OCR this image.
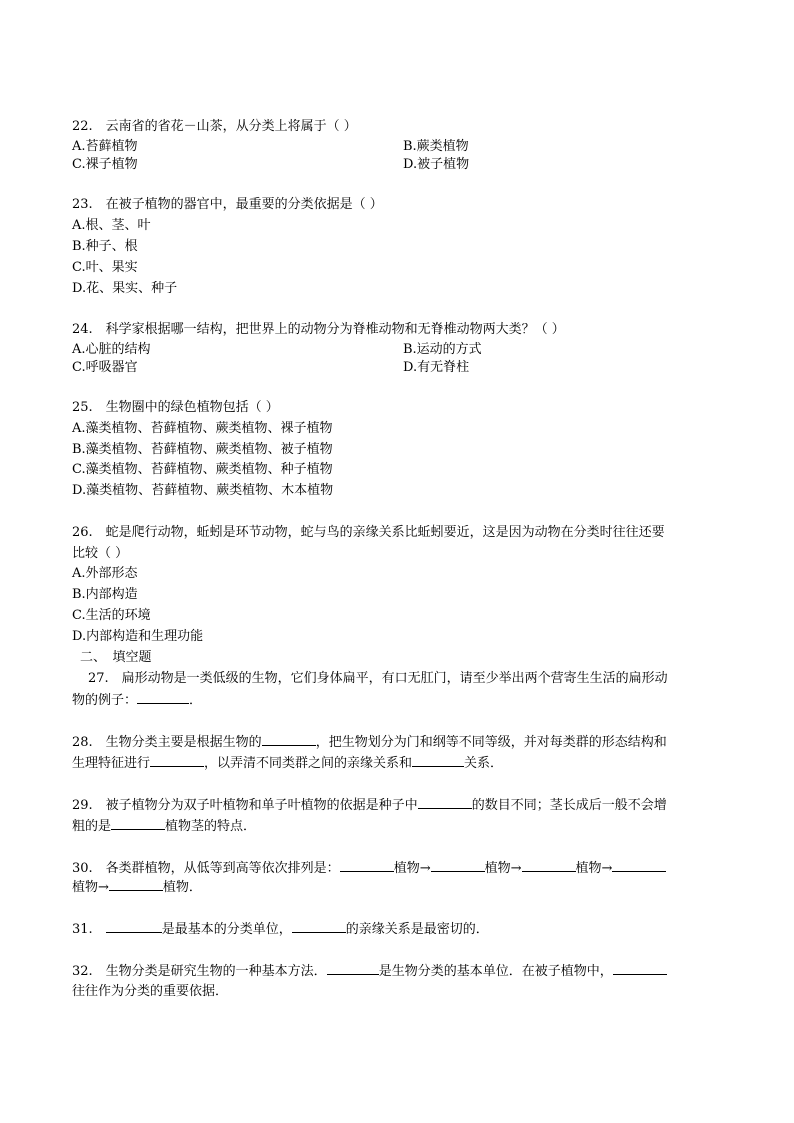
22.　云南省的省花－山茶，从分类上将属于（ ）
A.苔藓植物	B.蕨类植物
C.裸子植物	D.被子植物
23.　在被子植物的器官中，最重要的分类依据是（ ）
A.根、茎、叶
B.种子、根
C.叶、果实
D.花、果实、种子
24.　科学家根据哪一结构，把世界上的动物分为脊椎动物和无脊椎动物两大类？（ ）
A.心脏的结构	B.运动的方式
C.呼吸器官	D.有无脊柱
25.　生物圈中的绿色植物包括（ ）
A.藻类植物、苔藓植物、蕨类植物、裸子植物
B.藻类植物、苔藓植物、蕨类植物、被子植物
C.藻类植物、苔藓植物、蕨类植物、种子植物
D.藻类植物、苔藓植物、蕨类植物、木本植物
26.　蛇是爬行动物，蚯蚓是环节动物，蛇与鸟的亲缘关系比蚯蚓要近，这是因为动物在分类时往往还要
比较（ ）
A.外部形态
B.内部构造
C.生活的环境
D.内部构造和生理功能
二、　填空题
27.　扁形动物是一类低级的生物，它们身体扁平，有口无肛门，请至少举出两个营寄生生活的扁形动
物的例子：	．
28.　生物分类主要是根据生物的	，把生物划分为门和纲等不同等级，并对每类群的形态结构和
生理特征进行	，以弄清不同类群之间的亲缘关系和	关系．
29.　被子植物分为双子叶植物和单子叶植物的依据是种子中	的数目不同；茎长成后一般不会增
粗的是	植物茎的特点．
30.　各类群植物，从低等到高等依次排列是：	植物→	植物→	植物→
植物→	植物．
31.　	是最基本的分类单位，	的亲缘关系是最密切的．
32.　生物分类是研究生物的一种基本方法．	是生物分类的基本单位．在被子植物中，
往往作为分类的重要依据．
